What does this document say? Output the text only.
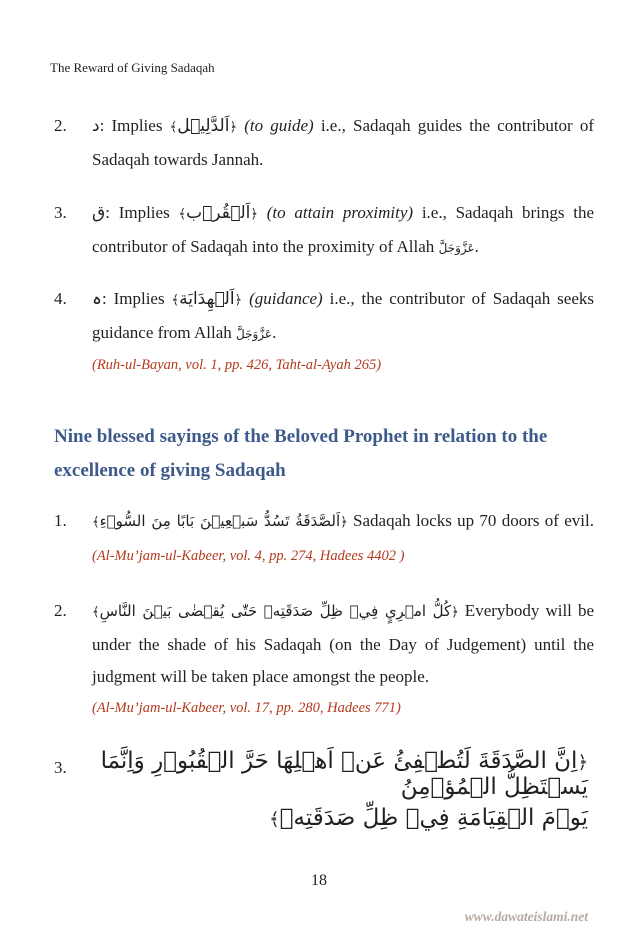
The Reward of Giving Sadaqah
2. د: Implies ﴾اَلدَّلِیۡل﴿ (to guide) i.e., Sadaqah guides the contributor of Sadaqah towards Jannah.
3. ق: Implies ﴾اَلۡقُرۡب﴿ (to attain proximity) i.e., Sadaqah brings the contributor of Sadaqah into the proximity of Allah عَزَّوَجَلَّ.
4. ہ: Implies ﴾اَلۡهِدَايَة﴿ (guidance) i.e., the contributor of Sadaqah seeks guidance from Allah عَزَّوَجَلَّ.
(Ruh-ul-Bayan, vol. 1, pp. 426, Taht-al-Ayah 265)
Nine blessed sayings of the Beloved Prophet in relation to the excellence of giving Sadaqah
1. ﴾اَلصَّدَقَةُ تَسُدُّ سَبۡعِيۡنَ بَابًا مِنَ السُّوۡءِ﴿ Sadaqah locks up 70 doors of evil. (Al-Mu’jam-ul-Kabeer, vol. 4, pp. 274, Hadees 4402 )
2. ﴾كُلُّ امۡرِيٍ فِيۡ ظِلِّ صَدَقَتِهٖ حَتّٰى يُقۡضٰى بَيۡنَ النَّاسِ﴿ Everybody will be under the shade of his Sadaqah (on the Day of Judgement) until the judgment will be taken place amongst the people.
(Al-Mu’jam-ul-Kabeer, vol. 17, pp. 280, Hadees 771)
3.	﴿اِنَّ الصَّدَقَةَ لَتُطۡفِئُ عَنۡ اَهۡلِهَا حَرَّ الۡقُبُوۡرِ وَاِنَّمَا يَسۡتَظِلُّ الۡمُؤۡمِنُ
يَوۡمَ الۡقِيَامَةِ فِيۡ ظِلِّ صَدَقَتِهٖ﴾
18
www.dawateislami.net
